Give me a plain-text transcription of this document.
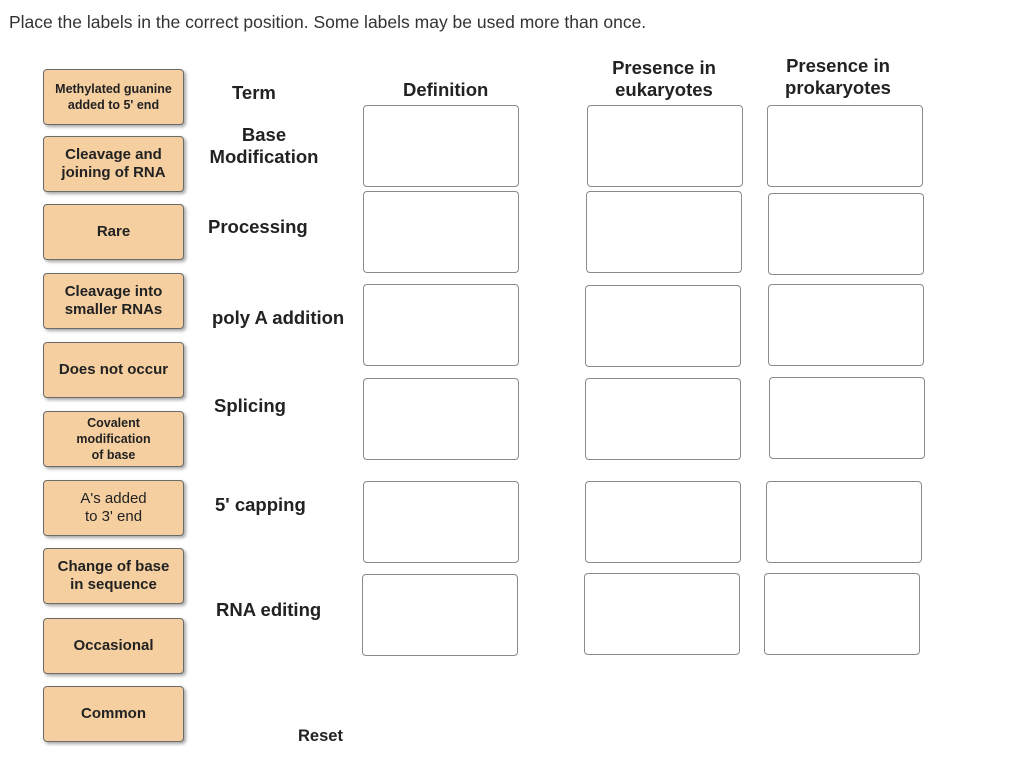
Place the labels in the correct position. Some labels may be used more than once.
Methylated guanine
added to 5' end
Cleavage and
joining of RNA
Rare
Cleavage into
smaller RNAs
Does not occur
Covalent
modification
of base
A's added
to 3' end
Change of base
in sequence
Occasional
Common
Term	Definition
Presence in
eukaryotes
Presence in
prokaryotes
Base
Modification
Processing
poly A addition
Splicing
5' capping
RNA editing
Reset
